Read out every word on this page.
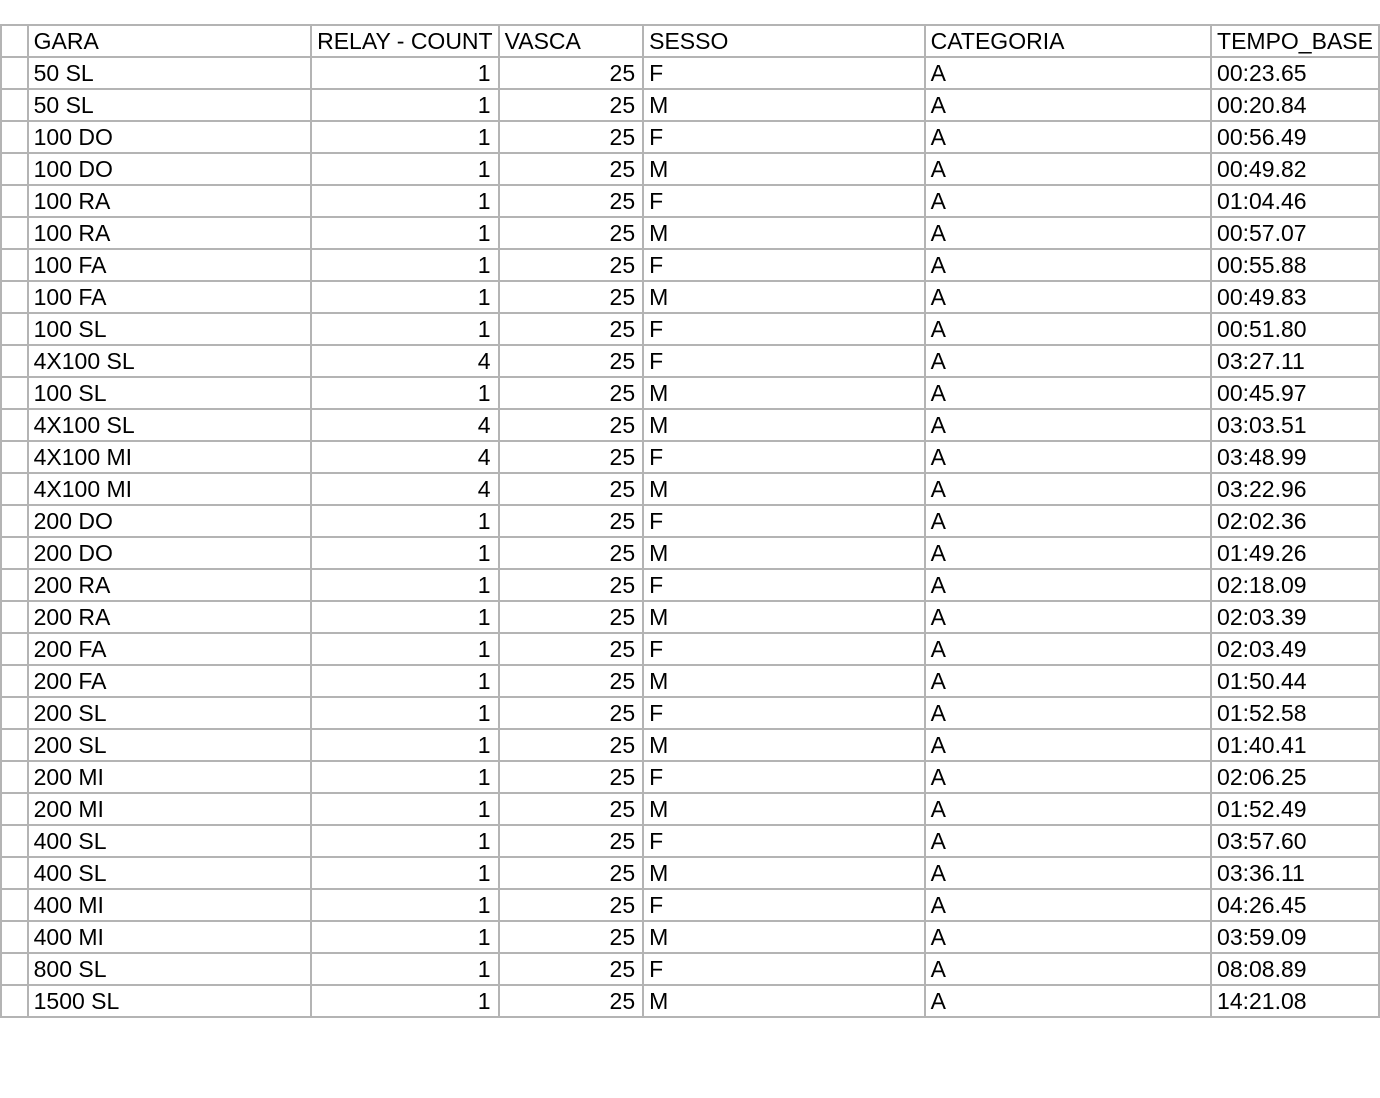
	GARA	RELAY - COUNT	VASCA	SESSO	CATEGORIA	TEMPO_BASE
	50 SL	1	25	F	A	00:23.65
	50 SL	1	25	M	A	00:20.84
	100 DO	1	25	F	A	00:56.49
	100 DO	1	25	M	A	00:49.82
	100 RA	1	25	F	A	01:04.46
	100 RA	1	25	M	A	00:57.07
	100 FA	1	25	F	A	00:55.88
	100 FA	1	25	M	A	00:49.83
	100 SL	1	25	F	A	00:51.80
	4X100 SL	4	25	F	A	03:27.11
	100 SL	1	25	M	A	00:45.97
	4X100 SL	4	25	M	A	03:03.51
	4X100 MI	4	25	F	A	03:48.99
	4X100 MI	4	25	M	A	03:22.96
	200 DO	1	25	F	A	02:02.36
	200 DO	1	25	M	A	01:49.26
	200 RA	1	25	F	A	02:18.09
	200 RA	1	25	M	A	02:03.39
	200 FA	1	25	F	A	02:03.49
	200 FA	1	25	M	A	01:50.44
	200 SL	1	25	F	A	01:52.58
	200 SL	1	25	M	A	01:40.41
	200 MI	1	25	F	A	02:06.25
	200 MI	1	25	M	A	01:52.49
	400 SL	1	25	F	A	03:57.60
	400 SL	1	25	M	A	03:36.11
	400 MI	1	25	F	A	04:26.45
	400 MI	1	25	M	A	03:59.09
	800 SL	1	25	F	A	08:08.89
	1500 SL	1	25	M	A	14:21.08
